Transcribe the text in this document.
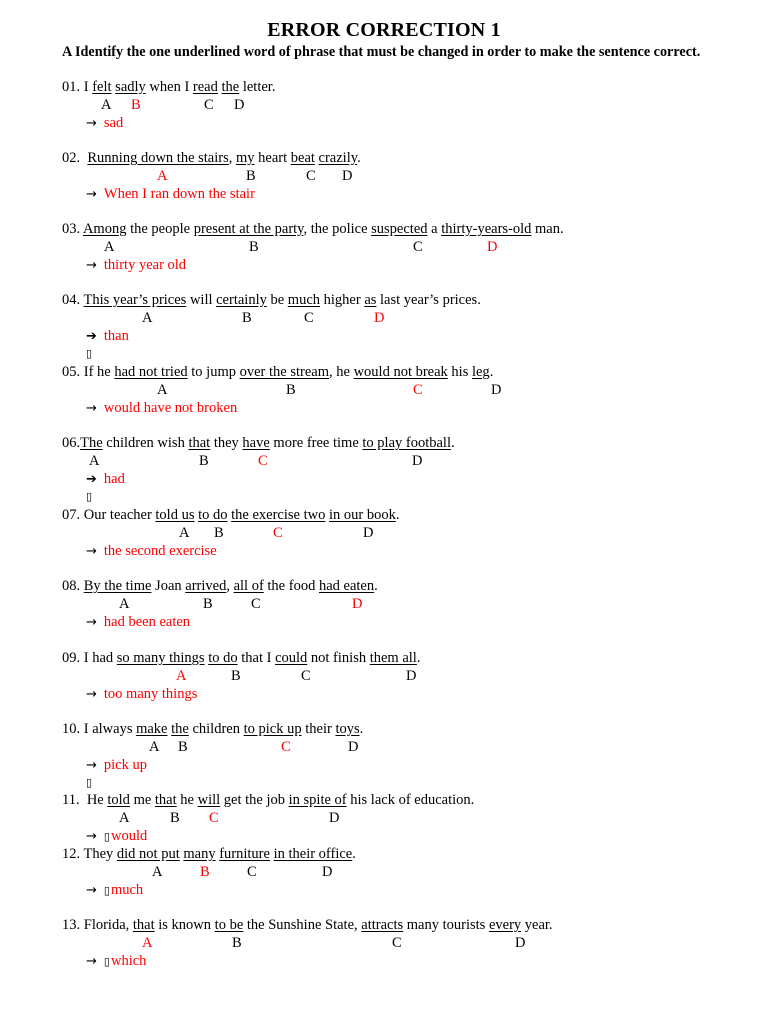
ERROR CORRECTION 1
A Identify the one underlined word of phrase that must be changed in order to make the sentence correct.
01. I felt sadly when I read the letter.
A B	C D
→ sad
02.  Running down the stairs, my heart beat crazily.
A	B	C D
→ When I ran down the stair
03. Among the people present at the party, the police suspected a thirty-years-old man.
A	B	C	D
→ thirty year old
04. This year’s prices will certainly be much higher as last year’s prices.
A	B	C	D
➔ than
▯
05. If he had not tried to jump over the stream, he would not break his leg.
A	B	C	D
→ would have not broken
06.The children wish that they have more free time to play football.
A	B	C	D
➔ had
▯
07. Our teacher told us to do the exercise two in our book.
A B	C	D
→ the second exercise
08. By the time Joan arrived, all of the food had eaten.
A	B	C	D
→ had been eaten
09. I had so many things to do that I could not finish them all.
A	B	C	D
→ too many things
10. I always make the children to pick up their toys.
A B	C	D
→ pick up
▯
11.  He told me that he will get the job in spite of his lack of education.
A	B C	D
→ ▯would
12. They did not put many furniture in their office.
A	B	C	D
→ ▯much
13. Florida, that is known to be the Sunshine State, attracts many tourists every year.
A	B	C	D
→ ▯which
